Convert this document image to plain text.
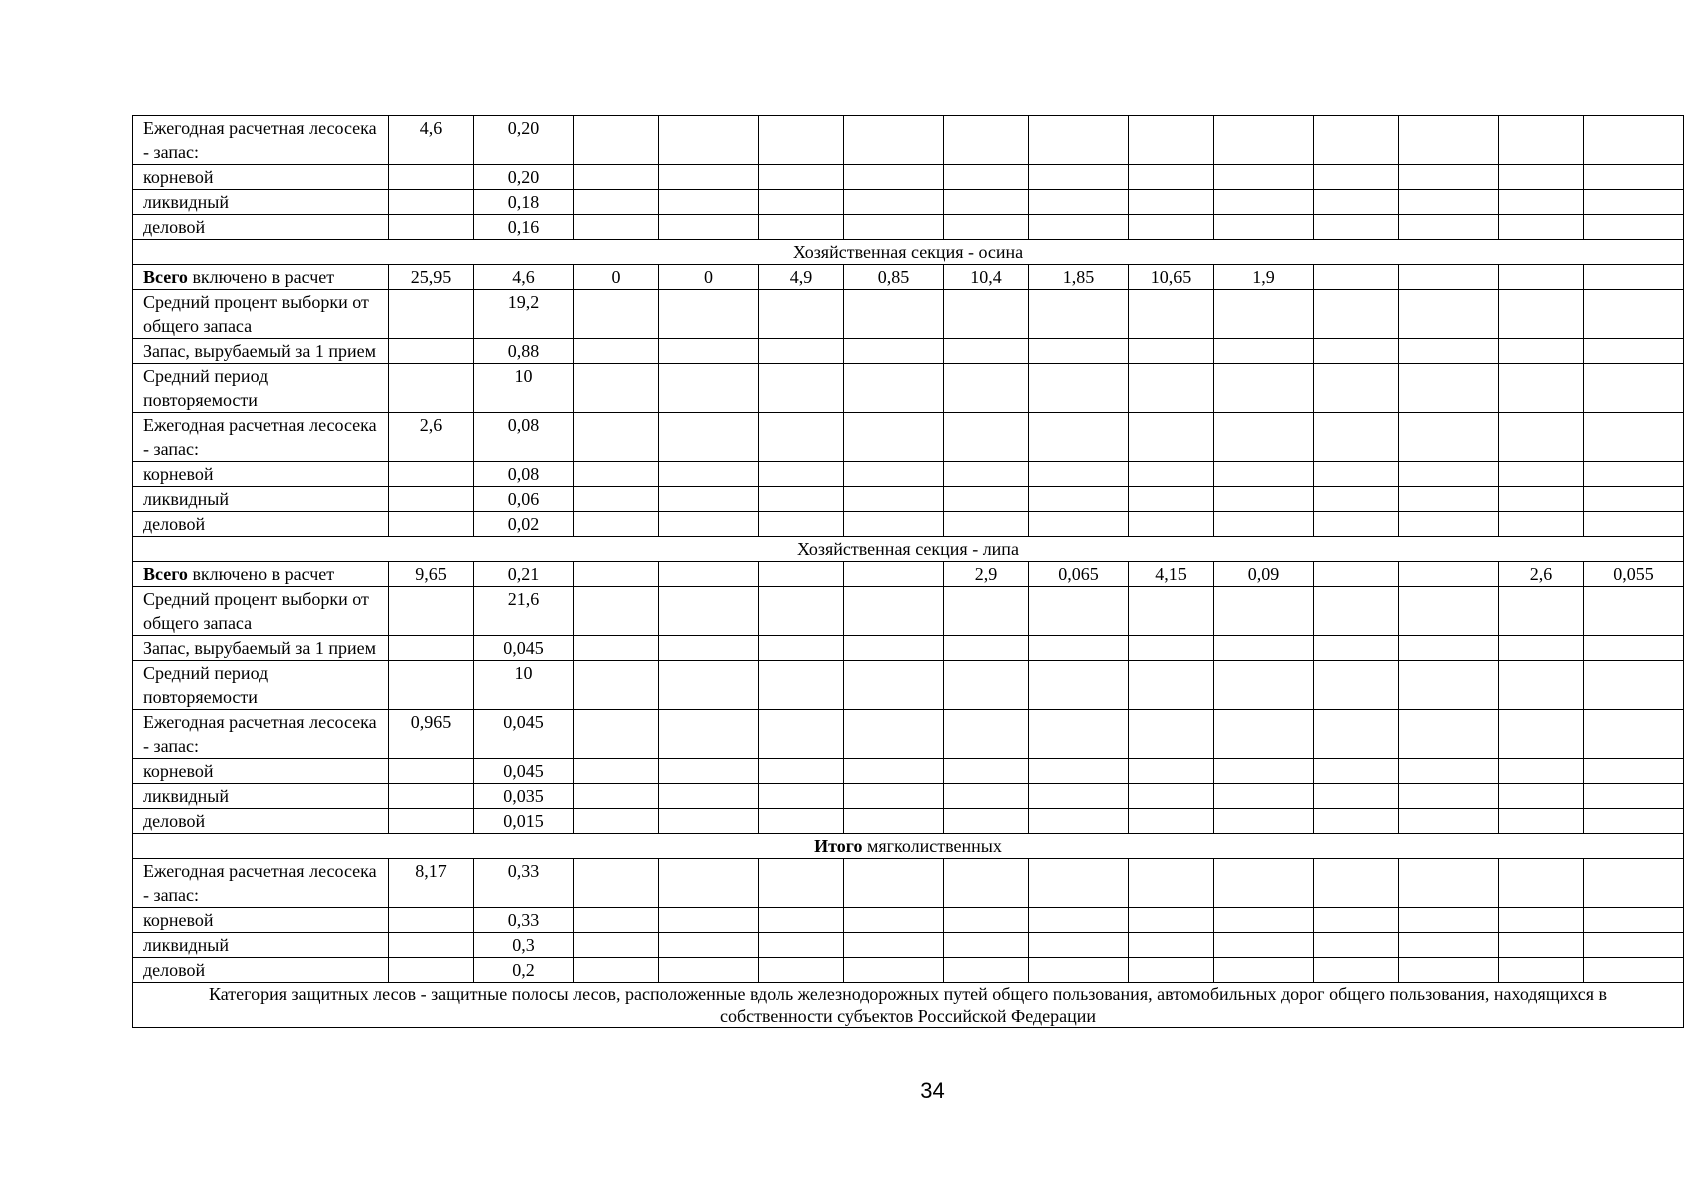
Ежегодная расчетная лесосека - запас:	4,6	0,20												
корневой		0,20												
ликвидный		0,18												
деловой		0,16												
Хозяйственная секция - осина														
Всего включено в расчет	25,95	4,6	0	0	4,9	0,85	10,4	1,85	10,65	1,9				
Средний процент выборки от общего запаса		19,2												
Запас, вырубаемый за 1 прием		0,88												
Средний период повторяемости		10												
Ежегодная расчетная лесосека - запас:	2,6	0,08												
корневой		0,08												
ликвидный		0,06												
деловой		0,02												
Хозяйственная секция - липа														
Всего включено в расчет	9,65	0,21					2,9	0,065	4,15	0,09			2,6	0,055
Средний процент выборки от общего запаса		21,6												
Запас, вырубаемый за 1 прием		0,045												
Средний период повторяемости		10												
Ежегодная расчетная лесосека - запас:	0,965	0,045												
корневой		0,045												
ликвидный		0,035												
деловой		0,015												
Итого мягколиственных														
Ежегодная расчетная лесосека - запас:	8,17	0,33												
корневой		0,33												
ликвидный		0,3												
деловой		0,2												
Категория защитных лесов - защитные полосы лесов, расположенные вдоль железнодорожных путей общего пользования, автомобильных дорог общего пользования, находящихся в собственности субъектов Российской Федерации														
34
